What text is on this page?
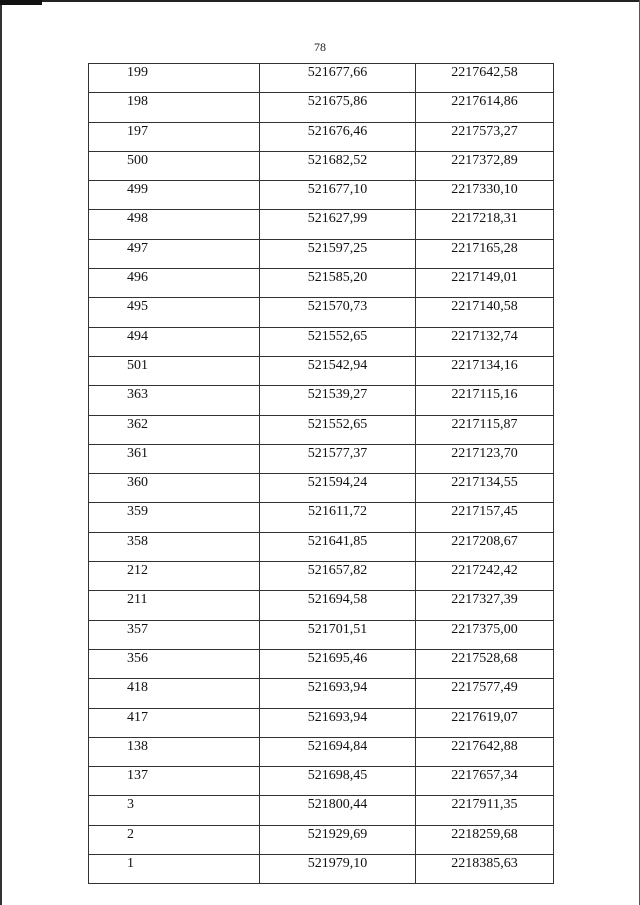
78
199	521677,66	2217642,58
198	521675,86	2217614,86
197	521676,46	2217573,27
500	521682,52	2217372,89
499	521677,10	2217330,10
498	521627,99	2217218,31
497	521597,25	2217165,28
496	521585,20	2217149,01
495	521570,73	2217140,58
494	521552,65	2217132,74
501	521542,94	2217134,16
363	521539,27	2217115,16
362	521552,65	2217115,87
361	521577,37	2217123,70
360	521594,24	2217134,55
359	521611,72	2217157,45
358	521641,85	2217208,67
212	521657,82	2217242,42
211	521694,58	2217327,39
357	521701,51	2217375,00
356	521695,46	2217528,68
418	521693,94	2217577,49
417	521693,94	2217619,07
138	521694,84	2217642,88
137	521698,45	2217657,34
3	521800,44	2217911,35
2	521929,69	2218259,68
1	521979,10	2218385,63
